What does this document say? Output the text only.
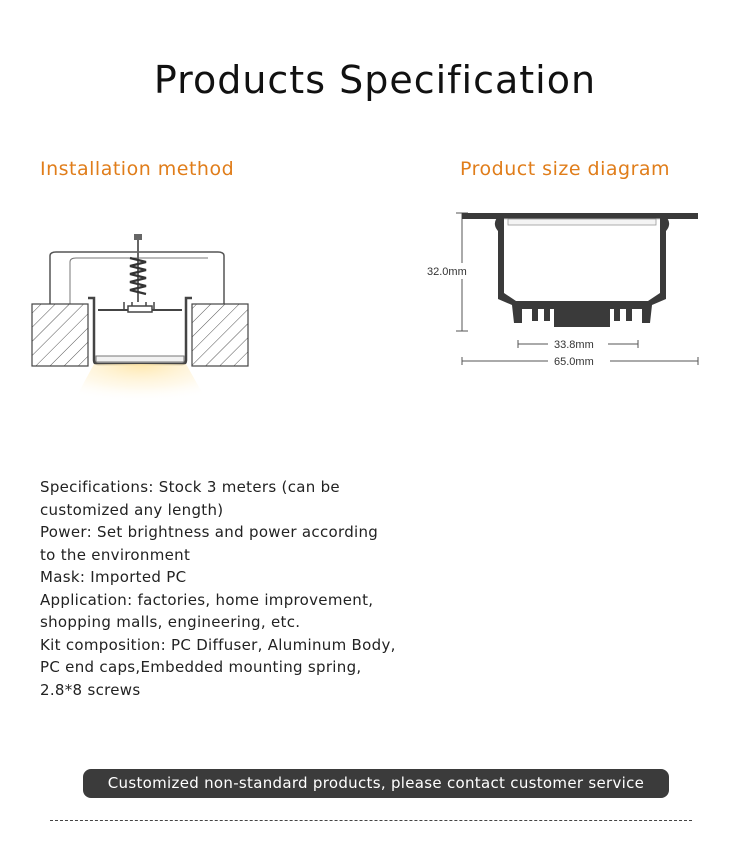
Products Specification
Installation method	Product size diagram
32.0mm
33.8mm
65.0mm
Specifications: Stock 3 meters (can be
customized any length)
Power: Set brightness and power according
to the environment
Mask: Imported PC
Application: factories, home improvement,
shopping malls, engineering, etc.
Kit composition: PC Diffuser, Aluminum Body,
PC end caps,Embedded mounting spring,
2.8*8 screws
Customized non-standard products, please contact customer service
